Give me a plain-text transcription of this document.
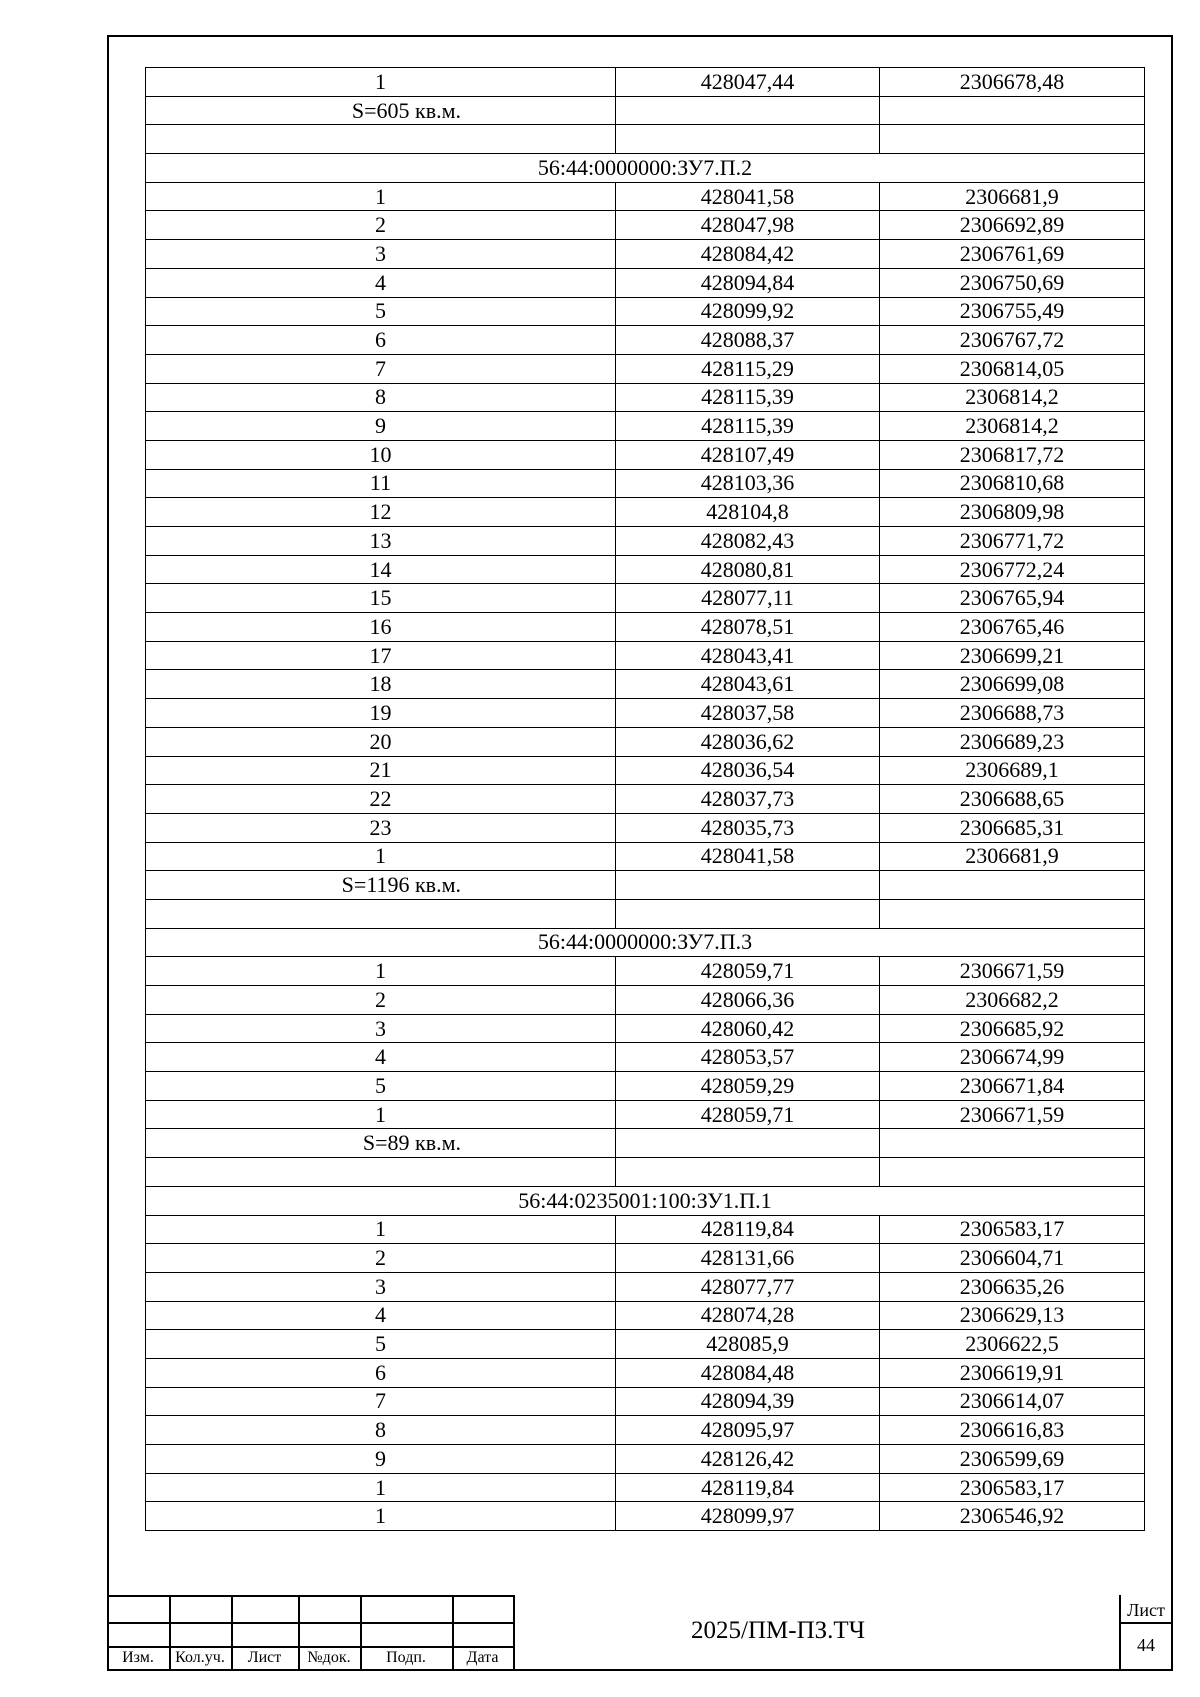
1	428047,44	2306678,48
S=605 кв.м.		

56:44:0000000:ЗУ7.П.2		
1	428041,58	2306681,9
2	428047,98	2306692,89
3	428084,42	2306761,69
4	428094,84	2306750,69
5	428099,92	2306755,49
6	428088,37	2306767,72
7	428115,29	2306814,05
8	428115,39	2306814,2
9	428115,39	2306814,2
10	428107,49	2306817,72
11	428103,36	2306810,68
12	428104,8	2306809,98
13	428082,43	2306771,72
14	428080,81	2306772,24
15	428077,11	2306765,94
16	428078,51	2306765,46
17	428043,41	2306699,21
18	428043,61	2306699,08
19	428037,58	2306688,73
20	428036,62	2306689,23
21	428036,54	2306689,1
22	428037,73	2306688,65
23	428035,73	2306685,31
1	428041,58	2306681,9
S=1196 кв.м.		

56:44:0000000:ЗУ7.П.3		
1	428059,71	2306671,59
2	428066,36	2306682,2
3	428060,42	2306685,92
4	428053,57	2306674,99
5	428059,29	2306671,84
1	428059,71	2306671,59
S=89 кв.м.		

56:44:0235001:100:ЗУ1.П.1		
1	428119,84	2306583,17
2	428131,66	2306604,71
3	428077,77	2306635,26
4	428074,28	2306629,13
5	428085,9	2306622,5
6	428084,48	2306619,91
7	428094,39	2306614,07
8	428095,97	2306616,83
9	428126,42	2306599,69
1	428119,84	2306583,17
1	428099,97	2306546,92
Изм.	Кол.уч.	Лист	№док.	Подп.	Дата
2025/ПМ-ПЗ.ТЧ
Лист
44
